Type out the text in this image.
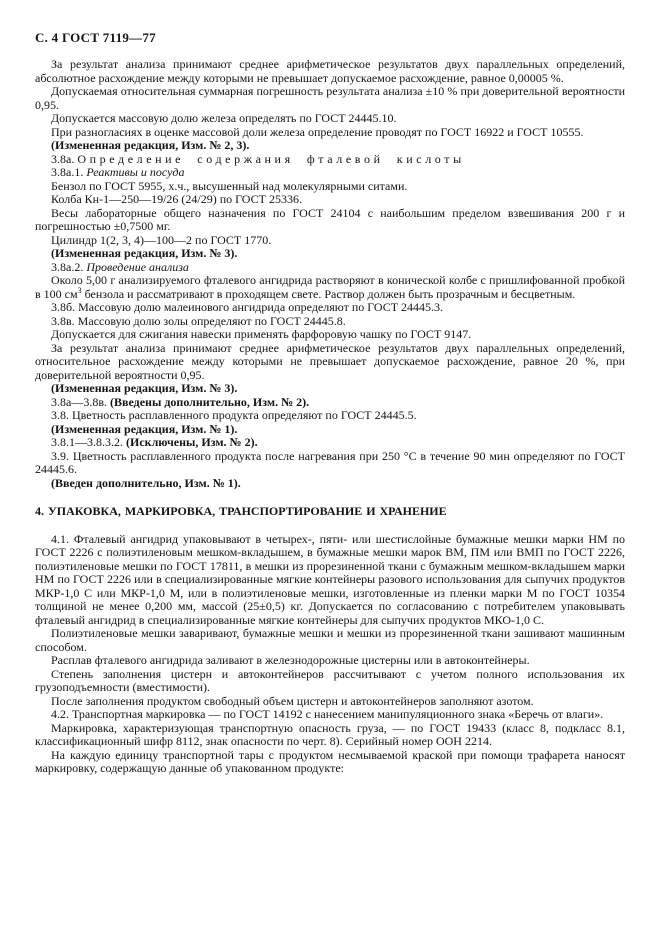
С. 4 ГОСТ 7119—77

За результат анализа принимают среднее арифметическое результатов двух параллельных определений, абсолютное расхождение между которыми не превышает допускаемое расхождение, равное 0,00005 %.

Допускаемая относительная суммарная погрешность результата анализа ±10 % при доверительной вероятности 0,95.

Допускается массовую долю железа определять по ГОСТ 24445.10.

При разногласиях в оценке массовой доли железа определение проводят по ГОСТ 16922 и ГОСТ 10555.

(Измененная редакция, Изм. № 2, 3).

3.8а. Определение содержания фталевой кислоты

3.8а.1. Реактивы и посуда

Бензол по ГОСТ 5955, х.ч., высушенный над молекулярными ситами.

Колба Кн-1—250—19/26 (24/29) по ГОСТ 25336.

Весы лабораторные общего назначения по ГОСТ 24104 с наибольшим пределом взвешивания 200 г и погрешностью ±0,7500 мг.

Цилиндр 1(2, 3, 4)—100—2 по ГОСТ 1770.

(Измененная редакция, Изм. № 3).

3.8а.2. Проведение анализа

Около 5,00 г анализируемого фталевого ангидрида растворяют в конической колбе с пришлифованной пробкой в 100 $см^3$ бензола и рассматривают в проходящем свете. Раствор должен быть прозрачным и бесцветным.

3.8б. Массовую долю малеинового ангидрида определяют по ГОСТ 24445.3.

3.8в. Массовую долю золы определяют по ГОСТ 24445.8.

Допускается для сжигания навески применять фарфоровую чашку по ГОСТ 9147.

За результат анализа принимают среднее арифметическое результатов двух параллельных определений, относительное расхождение между которыми не превышает допускаемое расхождение, равное 20 %, при доверительной вероятности 0,95.

(Измененная редакция, Изм. № 3).

3.8а—3.8в. (Введены дополнительно, Изм. № 2).

3.8. Цветность расплавленного продукта определяют по ГОСТ 24445.5.

(Измененная редакция, Изм. № 1).

3.8.1—3.8.3.2. (Исключены, Изм. № 2).

3.9. Цветность расплавленного продукта после нагревания при 250 °С в течение 90 мин определяют по ГОСТ 24445.6.

(Введен дополнительно, Изм. № 1).

4. УПАКОВКА, МАРКИРОВКА, ТРАНСПОРТИРОВАНИЕ И ХРАНЕНИЕ

4.1. Фталевый ангидрид упаковывают в четырех-, пяти- или шестислойные бумажные мешки марки НМ по ГОСТ 2226 с полиэтиленовым мешком-вкладышем, в бумажные мешки марок ВМ, ПМ или ВМП по ГОСТ 2226, полиэтиленовые мешки по ГОСТ 17811, в мешки из прорезиненной ткани с бумажным мешком-вкладышем марки НМ по ГОСТ 2226 или в специализированные мягкие контейнеры разового использования для сыпучих продуктов МКР-1,0 С или МКР-1,0 М, или в полиэтиленовые мешки, изготовленные из пленки марки М по ГОСТ 10354 толщиной не менее 0,200 мм, массой (25±0,5) кг. Допускается по согласованию с потребителем упаковывать фталевый ангидрид в специализированные мягкие контейнеры для сыпучих продуктов МКО-1,0 С.

Полиэтиленовые мешки заваривают, бумажные мешки и мешки из прорезиненной ткани зашивают машинным способом.

Расплав фталевого ангидрида заливают в железнодорожные цистерны или в автоконтейнеры.

Степень заполнения цистерн и автоконтейнеров рассчитывают с учетом полного использования их грузоподъемности (вместимости).

После заполнения продуктом свободный объем цистерн и автоконтейнеров заполняют азотом.

4.2. Транспортная маркировка — по ГОСТ 14192 с нанесением манипуляционного знака «Беречь от влаги».

Маркировка, характеризующая транспортную опасность груза, — по ГОСТ 19433 (класс 8, подкласс 8.1, классификационный шифр 8112, знак опасности по черт. 8). Серийный номер ООН 2214.

На каждую единицу транспортной тары с продуктом несмываемой краской при помощи трафарета наносят маркировку, содержащую данные об упакованном продукте:
